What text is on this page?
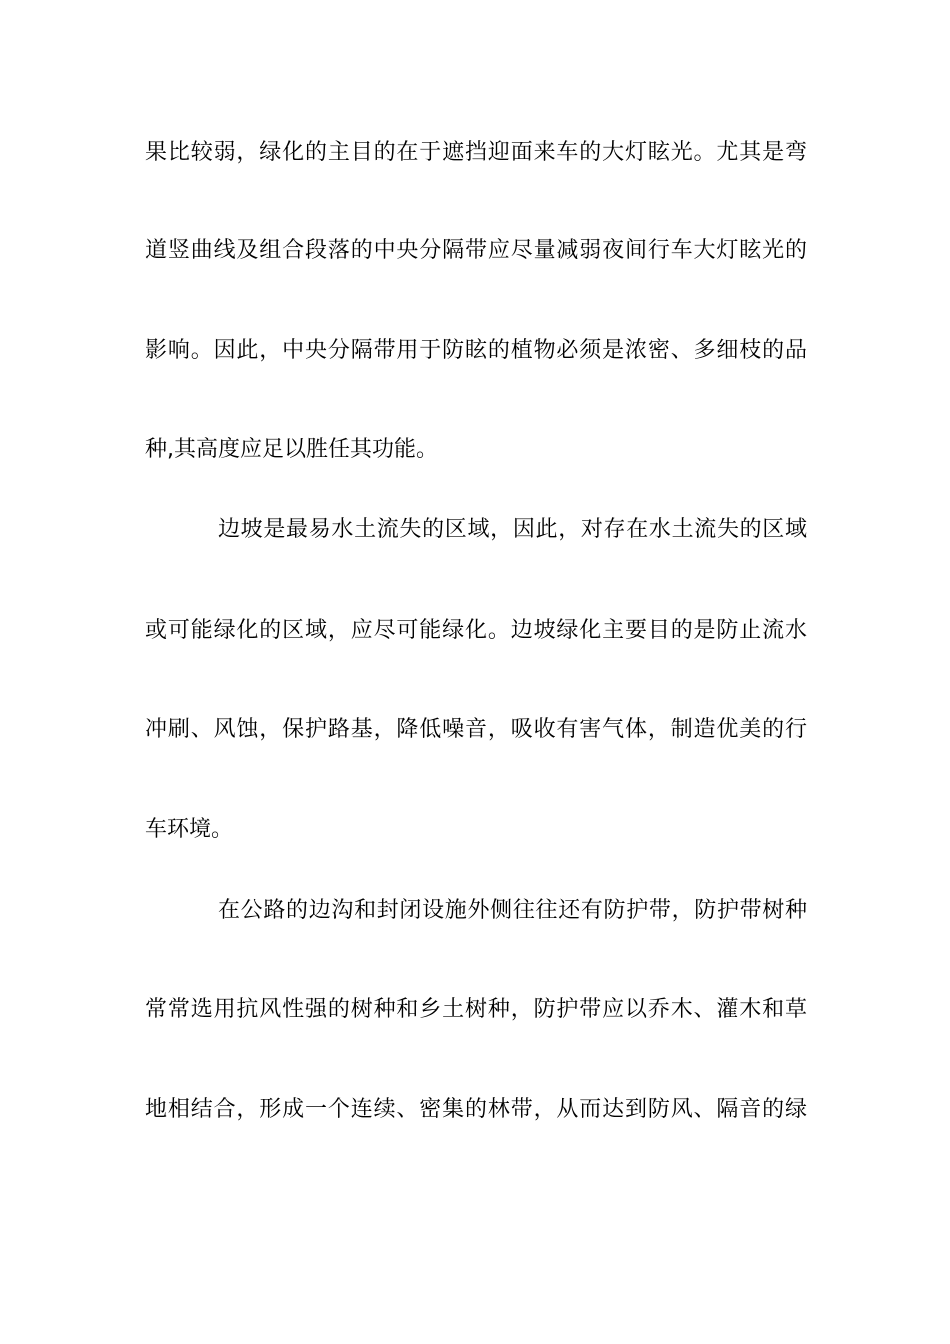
果比较弱，绿化的主目的在于遮挡迎面来车的大灯眩光。尤其是弯
道竖曲线及组合段落的中央分隔带应尽量减弱夜间行车大灯眩光的
影响。因此，中央分隔带用于防眩的植物必须是浓密、多细枝的品
种,其高度应足以胜任其功能。
边坡是最易水土流失的区域，因此，对存在水土流失的区域
或可能绿化的区域，应尽可能绿化。边坡绿化主要目的是防止流水
冲刷、风蚀，保护路基，降低噪音，吸收有害气体，制造优美的行
车环境。
在公路的边沟和封闭设施外侧往往还有防护带，防护带树种
常常选用抗风性强的树种和乡土树种，防护带应以乔木、灌木和草
地相结合，形成一个连续、密集的林带，从而达到防风、隔音的绿
